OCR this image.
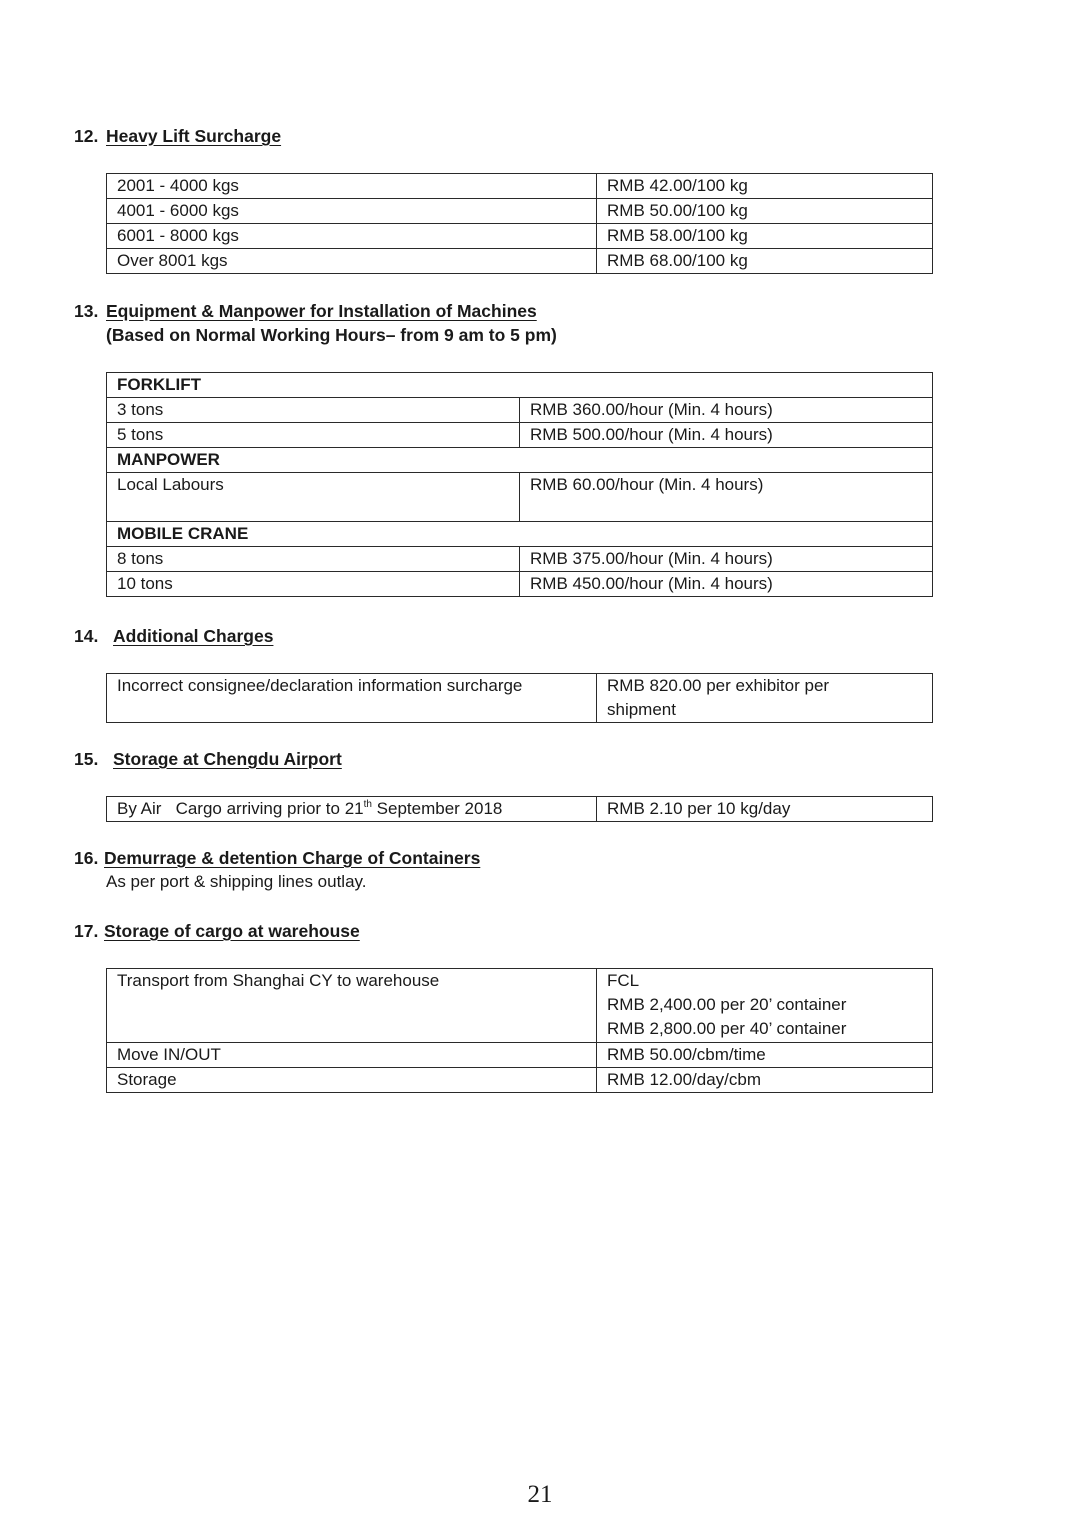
12. Heavy Lift Surcharge
2001 - 4000 kgs	RMB 42.00/100 kg
4001 - 6000 kgs	RMB 50.00/100 kg
6001 - 8000 kgs	RMB 58.00/100 kg
Over 8001 kgs	RMB 68.00/100 kg
13. Equipment & Manpower for Installation of Machines
(Based on Normal Working Hours– from 9 am to 5 pm)
FORKLIFT	
3 tons	RMB 360.00/hour (Min. 4 hours)
5 tons	RMB 500.00/hour (Min. 4 hours)
MANPOWER	
Local Labours	RMB 60.00/hour (Min. 4 hours)
MOBILE CRANE	
8 tons	RMB 375.00/hour (Min. 4 hours)
10 tons	RMB 450.00/hour (Min. 4 hours)
14. Additional Charges
Incorrect consignee/declaration information surcharge	RMB 820.00 per exhibitor per
shipment
15. Storage at Chengdu Airport
By Air   Cargo arriving prior to 21th September 2018	RMB 2.10 per 10 kg/day
16. Demurrage & detention Charge of Containers
As per port & shipping lines outlay.
17. Storage of cargo at warehouse
Transport from Shanghai CY to warehouse	FCL
RMB 2,400.00 per 20’ container
RMB 2,800.00 per 40’ container

Move IN/OUT	RMB 50.00/cbm/time
Storage	RMB 12.00/day/cbm
21
